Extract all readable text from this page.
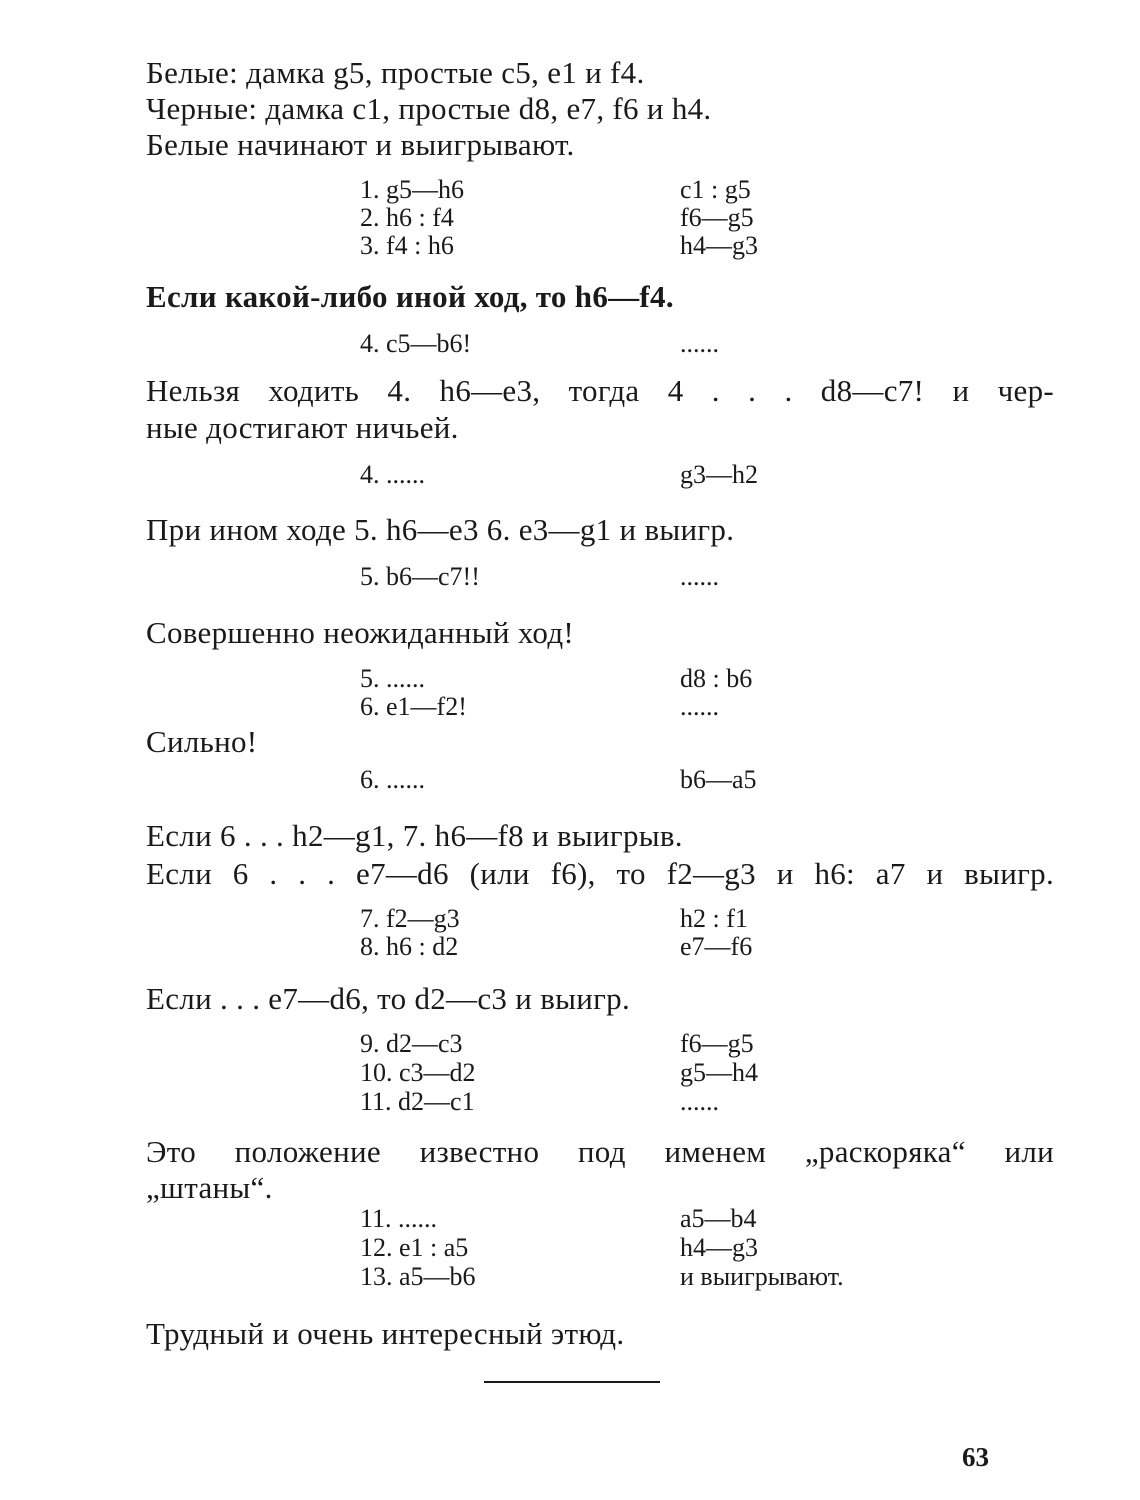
Белые: дамка g5, простые c5, e1 и f4.
Черные: дамка c1, простые d8, e7, f6 и h4.
Белые начинают и выигрывают.
1. g5—h6	c1 : g5
2. h6 : f4	f6—g5
3. f4 : h6	h4—g3
Если какой-либо иной ход, то h6—f4.
4. c5—b6!	......
Нельзя ходить 4. h6—e3, тогда 4 . . . d8—c7! и чер-
ные достигают ничьей.
4. ......	g3—h2
При ином ходе 5. h6—e3 6. e3—g1 и выигр.
5. b6—c7!!	......
Совершенно неожиданный ход!
5. ......	d8 : b6
6. e1—f2!	......
Сильно!
6. ......	b6—a5
Если 6 . . . h2—g1, 7. h6—f8 и выигрыв.
Если 6 . . . e7—d6 (или f6), то f2—g3 и h6: a7 и выигр.
7. f2—g3	h2 : f1
8. h6 : d2	e7—f6
Если . . . e7—d6, то d2—c3 и выигр.
9. d2—c3	f6—g5
10. c3—d2	g5—h4
11. d2—c1	......
Это положение известно под именем „раскоряка“ или
„штаны“.
11. ......	a5—b4
12. e1 : a5	h4—g3
13. a5—b6	и выигрывают.
Трудный и очень интересный этюд.
63
